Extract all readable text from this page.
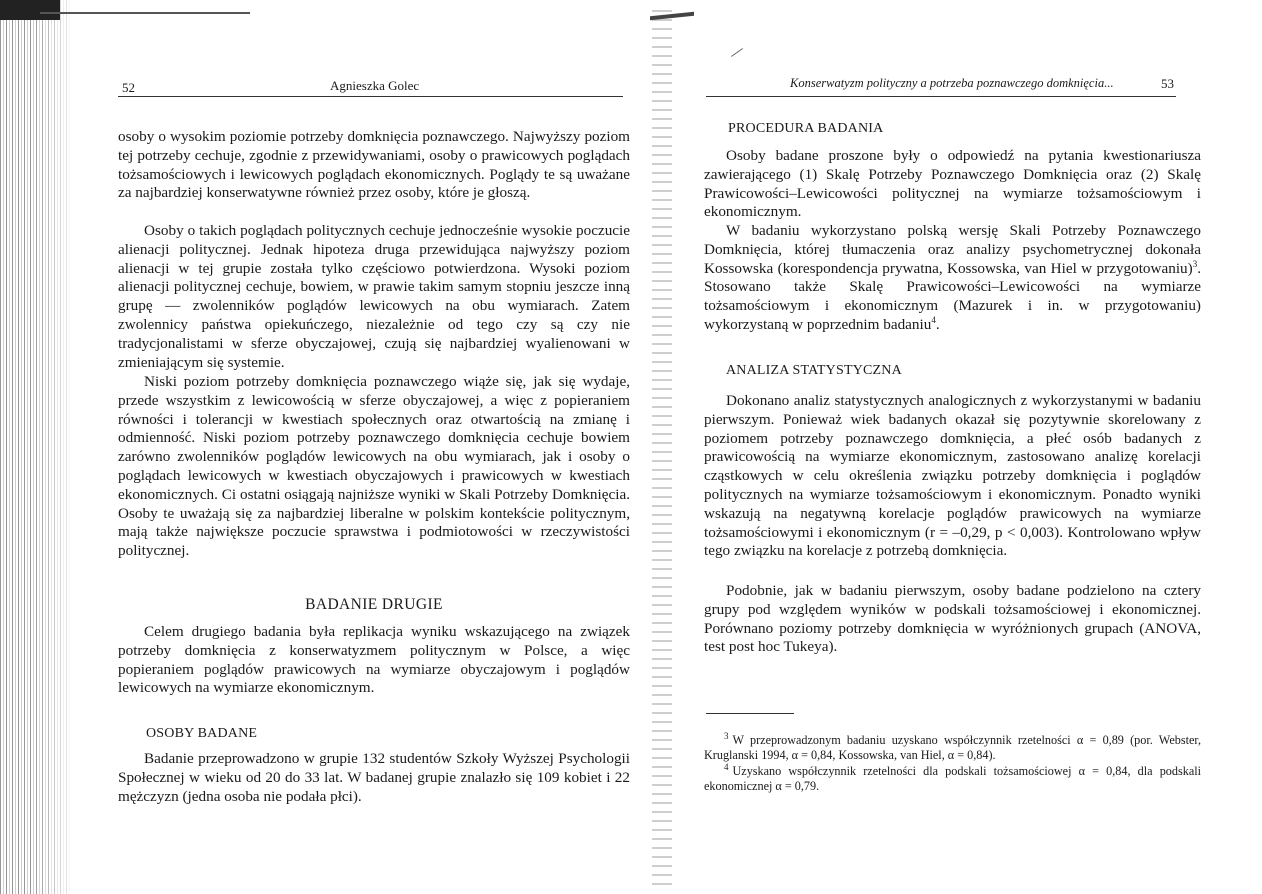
52	Agnieszka Golec

osoby o wysokim poziomie potrzeby domknięcia poznawczego. Najwyższy poziom tej potrzeby cechuje, zgodnie z przewidywaniami, osoby o prawicowych poglądach tożsamościowych i lewicowych poglądach ekonomicznych. Poglądy te są uważane za najbardziej konserwatywne również przez osoby, które je głoszą.

Osoby o takich poglądach politycznych cechuje jednocześnie wysokie poczucie alienacji politycznej. Jednak hipoteza druga przewidująca najwyższy poziom alienacji w tej grupie została tylko częściowo potwierdzona. Wysoki poziom alienacji politycznej cechuje, bowiem, w prawie takim samym stopniu jeszcze inną grupę — zwolenników poglądów lewicowych na obu wymiarach. Zatem zwolennicy państwa opiekuńczego, niezależnie od tego czy są czy nie tradycjonalistami w sferze obyczajowej, czują się najbardziej wyalienowani w zmieniającym się systemie.

Niski poziom potrzeby domknięcia poznawczego wiąże się, jak się wydaje, przede wszystkim z lewicowością w sferze obyczajowej, a więc z popieraniem równości i tolerancji w kwestiach społecznych oraz otwartością na zmianę i odmienność. Niski poziom potrzeby poznawczego domknięcia cechuje bowiem zarówno zwolenników poglądów lewicowych na obu wymiarach, jak i osoby o poglądach lewicowych w kwestiach obyczajowych i prawicowych w kwestiach ekonomicznych. Ci ostatni osiągają najniższe wyniki w Skali Potrzeby Domknięcia. Osoby te uważają się za najbardziej liberalne w polskim kontekście politycznym, mają także największe poczucie sprawstwa i podmiotowości w rzeczywistości politycznej.

BADANIE DRUGIE

Celem drugiego badania była replikacja wyniku wskazującego na związek potrzeby domknięcia z konserwatyzmem politycznym w Polsce, a więc popieraniem poglądów prawicowych na wymiarze obyczajowym i poglądów lewicowych na wymiarze ekonomicznym.

OSOBY BADANE

Badanie przeprowadzono w grupie 132 studentów Szkoły Wyższej Psychologii Społecznej w wieku od 20 do 33 lat. W badanej grupie znalazło się 109 kobiet i 22 mężczyzn (jedna osoba nie podała płci).

Konserwatyzm polityczny a potrzeba poznawczego domknięcia...	53
PROCEDURA BADANIA

Osoby badane proszone były o odpowiedź na pytania kwestionariusza zawierającego (1) Skalę Potrzeby Poznawczego Domknięcia oraz (2) Skalę Prawicowości–Lewicowości politycznej na wymiarze tożsamościowym i ekonomicznym.

W badaniu wykorzystano polską wersję Skali Potrzeby Poznawczego Domknięcia, której tłumaczenia oraz analizy psychometrycznej dokonała Kossowska (korespondencja prywatna, Kossowska, van Hiel w przygotowaniu)$^3$. Stosowano także Skalę Prawicowości–Lewicowości na wymiarze tożsamościowym i ekonomicznym (Mazurek i in. w przygotowaniu) wykorzystaną w poprzednim badaniu$^4$.

ANALIZA STATYSTYCZNA

Dokonano analiz statystycznych analogicznych z wykorzystanymi w badaniu pierwszym. Ponieważ wiek badanych okazał się pozytywnie skorelowany z poziomem potrzeby poznawczego domknięcia, a płeć osób badanych z prawicowością na wymiarze ekonomicznym, zastosowano analizę korelacji cząstkowych w celu określenia związku potrzeby domknięcia i poglądów politycznych na wymiarze tożsamościowym i ekonomicznym. Ponadto wyniki wskazują na negatywną korelacje poglądów prawicowych na wymiarze tożsamościowymi i ekonomicznym (r = –0,29, p < 0,003). Kontrolowano wpływ tego związku na korelacje z potrzebą domknięcia.

Podobnie, jak w badaniu pierwszym, osoby badane podzielono na cztery grupy pod względem wyników w podskali tożsamościowej i ekonomicznej. Porównano poziomy potrzeby domknięcia w wyróżnionych grupach (ANOVA, test post hoc Tukeya).

$^3$ W przeprowadzonym badaniu uzyskano współczynnik rzetelności α = 0,89 (por. Webster, Kruglanski 1994, α = 0,84, Kossowska, van Hiel, α = 0,84).

$^4$ Uzyskano współczynnik rzetelności dla podskali tożsamościowej α = 0,84, dla podskali ekonomicznej α = 0,79.
